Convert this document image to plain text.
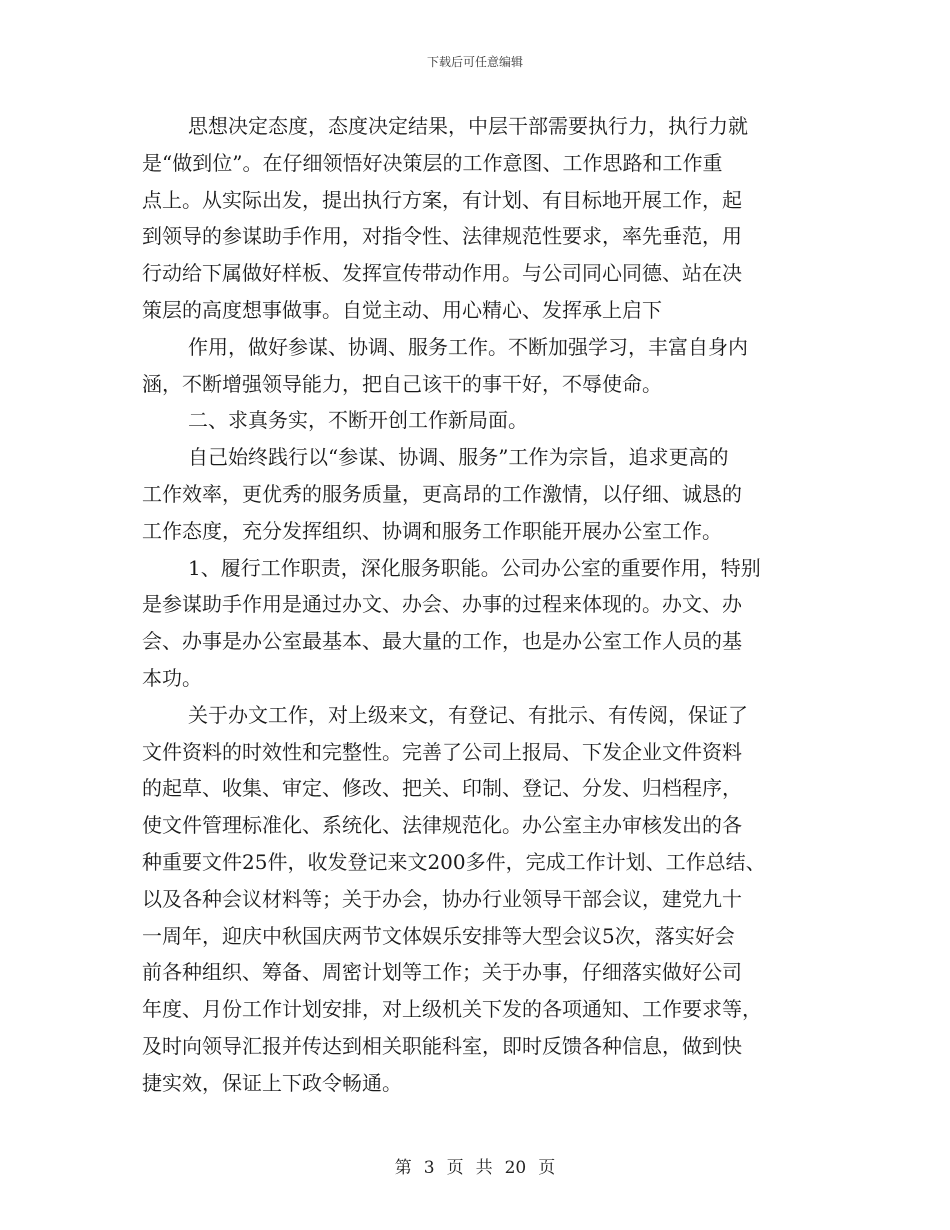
下载后可任意编辑
思想决定态度，态度决定结果，中层干部需要执行力，执行力就
是“做到位”。在仔细领悟好决策层的工作意图、工作思路和工作重
点上。从实际出发，提出执行方案，有计划、有目标地开展工作，起
到领导的参谋助手作用，对指令性、法律规范性要求，率先垂范，用
行动给下属做好样板、发挥宣传带动作用。与公司同心同德、站在决
策层的高度想事做事。自觉主动、用心精心、发挥承上启下
作用，做好参谋、协调、服务工作。不断加强学习，丰富自身内
涵，不断增强领导能力，把自己该干的事干好，不辱使命。
二、求真务实，不断开创工作新局面。
自己始终践行以“参谋、协调、服务”工作为宗旨，追求更高的
工作效率，更优秀的服务质量，更高昂的工作激情，以仔细、诚恳的
工作态度，充分发挥组织、协调和服务工作职能开展办公室工作。
1、履行工作职责，深化服务职能。公司办公室的重要作用，特别
是参谋助手作用是通过办文、办会、办事的过程来体现的。办文、办
会、办事是办公室最基本、最大量的工作，也是办公室工作人员的基
本功。
关于办文工作，对上级来文，有登记、有批示、有传阅，保证了
文件资料的时效性和完整性。完善了公司上报局、下发企业文件资料
的起草、收集、审定、修改、把关、印制、登记、分发、归档程序，
使文件管理标准化、系统化、法律规范化。办公室主办审核发出的各
种重要文件25件，收发登记来文200多件，完成工作计划、工作总结、
以及各种会议材料等；关于办会，协办行业领导干部会议，建党九十
一周年，迎庆中秋国庆两节文体娱乐安排等大型会议5次，落实好会
前各种组织、筹备、周密计划等工作；关于办事，仔细落实做好公司
年度、月份工作计划安排，对上级机关下发的各项通知、工作要求等，
及时向领导汇报并传达到相关职能科室，即时反馈各种信息，做到快
捷实效，保证上下政令畅通。
第 3 页 共 20 页
